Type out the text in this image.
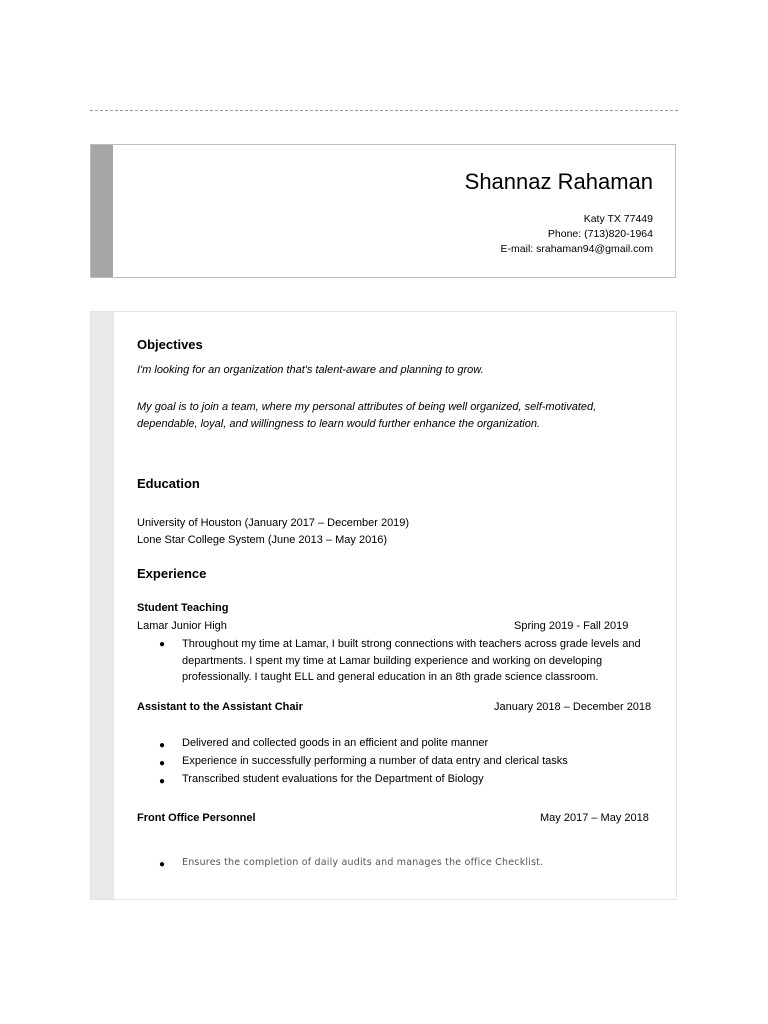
Shannaz Rahaman
Katy TX 77449
Phone: (713)820-1964
E-mail: srahaman94@gmail.com
Objectives
I'm looking for an organization that's talent-aware and planning to grow.
My goal is to join a team, where my personal attributes of being well organized, self-motivated,
dependable, loyal, and willingness to learn would further enhance the organization.
Education
University of Houston (January 2017 – December 2019)
Lone Star College System (June 2013 – May 2016)
Experience
Student Teaching
Lamar Junior High	Spring 2019 - Fall 2019
● Throughout my time at Lamar, I built strong connections with teachers across grade levels and departments. I spent my time at Lamar building experience and working on developing professionally. I taught ELL and general education in an 8th grade science classroom.
Assistant to the Assistant Chair	January 2018 – December 2018
● Delivered and collected goods in an efficient and polite manner
● Experience in successfully performing a number of data entry and clerical tasks
● Transcribed student evaluations for the Department of Biology
Front Office Personnel	May 2017 – May 2018
● Ensures the completion of daily audits and manages the office Checklist.
